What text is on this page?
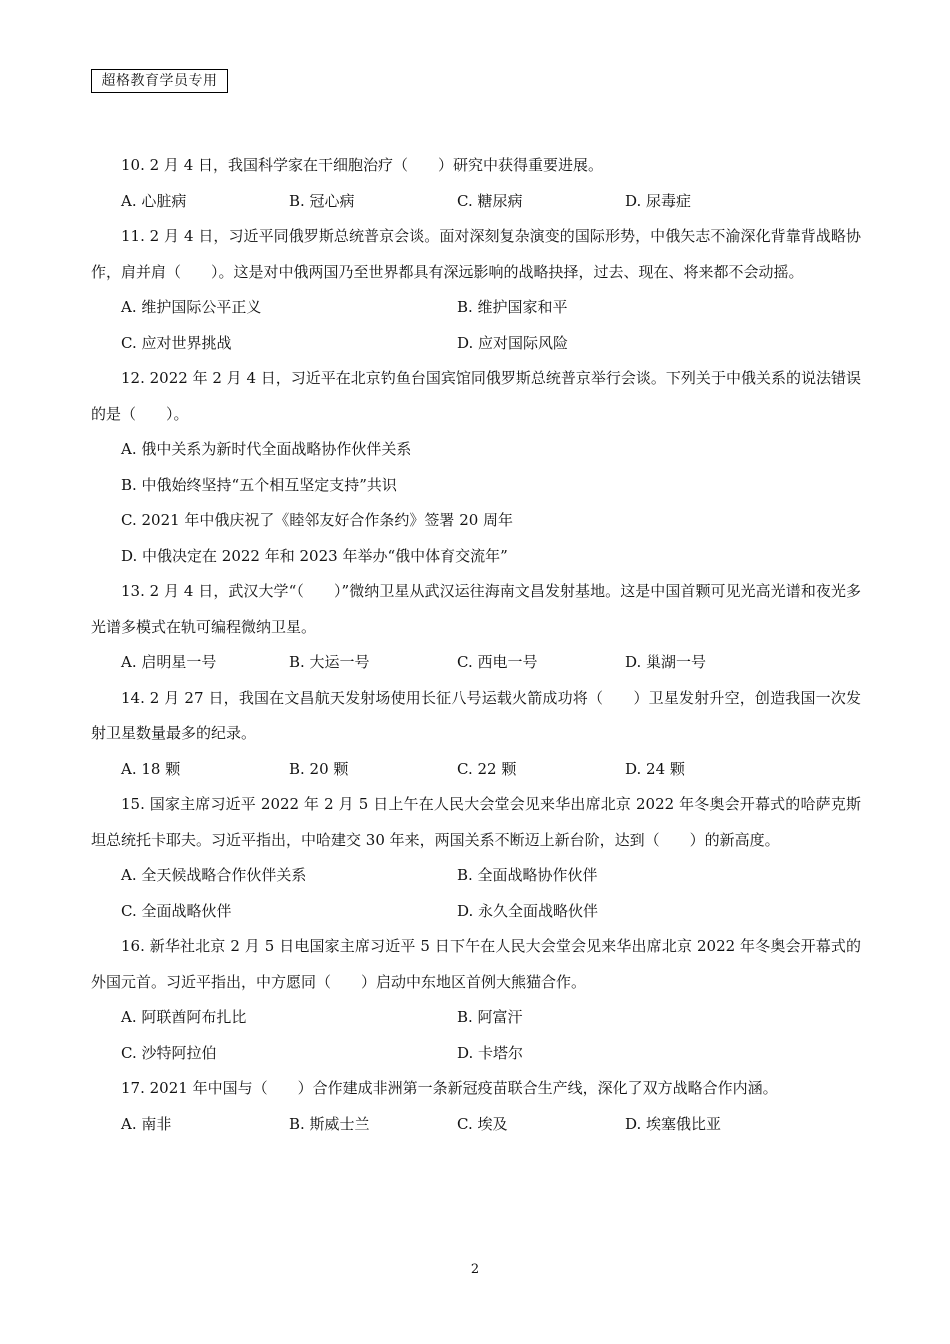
超格教育学员专用

10. 2 月 4 日，我国科学家在干细胞治疗（　　）研究中获得重要进展。

A. 心脏病	B. 冠心病	C. 糖尿病	D. 尿毒症

11. 2 月 4 日，习近平同俄罗斯总统普京会谈。面对深刻复杂演变的国际形势，中俄矢志不渝深化背靠背战略协作，肩并肩（　　）。这是对中俄两国乃至世界都具有深远影响的战略抉择，过去、现在、将来都不会动摇。

A. 维护国际公平正义	B. 维护国家和平
C. 应对世界挑战	D. 应对国际风险

12. 2022 年 2 月 4 日，习近平在北京钓鱼台国宾馆同俄罗斯总统普京举行会谈。下列关于中俄关系的说法错误的是（　　）。

A. 俄中关系为新时代全面战略协作伙伴关系
B. 中俄始终坚持“五个相互坚定支持”共识
C. 2021 年中俄庆祝了《睦邻友好合作条约》签署 20 周年
D. 中俄决定在 2022 年和 2023 年举办“俄中体育交流年”

13. 2 月 4 日，武汉大学“（　　）”微纳卫星从武汉运往海南文昌发射基地。这是中国首颗可见光高光谱和夜光多光谱多模式在轨可编程微纳卫星。

A. 启明星一号	B. 大运一号	C. 西电一号	D. 巢湖一号

14. 2 月 27 日，我国在文昌航天发射场使用长征八号运载火箭成功将（　　）卫星发射升空，创造我国一次发射卫星数量最多的纪录。

A. 18 颗	B. 20 颗	C. 22 颗	D. 24 颗

15. 国家主席习近平 2022 年 2 月 5 日上午在人民大会堂会见来华出席北京 2022 年冬奥会开幕式的哈萨克斯坦总统托卡耶夫。习近平指出，中哈建交 30 年来，两国关系不断迈上新台阶，达到（　　）的新高度。

A. 全天候战略合作伙伴关系	B. 全面战略协作伙伴
C. 全面战略伙伴	D. 永久全面战略伙伴

16. 新华社北京 2 月 5 日电国家主席习近平 5 日下午在人民大会堂会见来华出席北京 2022 年冬奥会开幕式的外国元首。习近平指出，中方愿同（　　）启动中东地区首例大熊猫合作。

A. 阿联酋阿布扎比	B. 阿富汗
C. 沙特阿拉伯	D. 卡塔尔

17. 2021 年中国与（　　）合作建成非洲第一条新冠疫苗联合生产线，深化了双方战略合作内涵。

A. 南非	B. 斯威士兰	C. 埃及	D. 埃塞俄比亚
2
